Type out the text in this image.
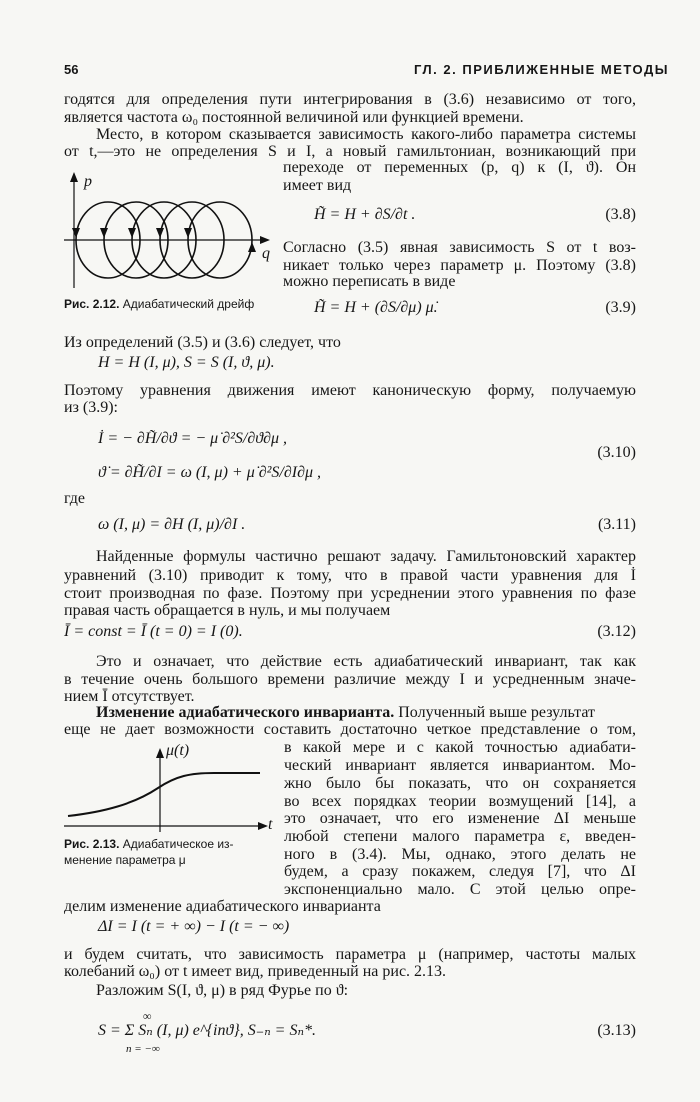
56	ГЛ. 2. ПРИБЛИЖЕННЫЕ МЕТОДЫ
годятся для определения пути интегрирования в (3.6) независимо от того,
является частота ω₀ постоянной величиной или функцией времени.
Место, в котором сказывается зависимость какого-либо параметра системы
от t,—это не определения S и I, а новый гамильтониан, возникающий при
переходе от переменных (p, q) к (I, ϑ). Он
имеет вид
p
q
Рис. 2.12. Адиабатический дрейф
H̃ = H + ∂S/∂t .	(3.8)
Согласно (3.5) явная зависимость S от t воз-
никает только через параметр μ. Поэтому (3.8)
можно переписать в виде
H̃ = H + (∂S/∂μ) μ̇.	(3.9)
Из определений (3.5) и (3.6) следует, что
H = H (I, μ), S = S (I, ϑ, μ).
Поэтому уравнения движения имеют каноническую форму, получаемую
из (3.9):
İ = − ∂H̃/∂ϑ = − μ̇ ∂²S/∂ϑ∂μ ,
ϑ̇ = ∂H̃/∂I = ω (I, μ) + μ̇ ∂²S/∂I∂μ ,
(3.10)
где
ω (I, μ) = ∂H (I, μ)/∂I .	(3.11)
Найденные формулы частично решают задачу. Гамильтоновский характер
уравнений (3.10) приводит к тому, что в правой части уравнения для İ
стоит производная по фазе. Поэтому при усреднении этого уравнения по фазе
правая часть обращается в нуль, и мы получаем
Ī = const = Ī (t = 0) = I (0).	(3.12)
Это и означает, что действие есть адиабатический инвариант, так как
в течение очень большого времени различие между I и усредненным значе-
нием Ī отсутствует.
Изменение адиабатического инварианта. Полученный выше результат
еще не дает возможности составить достаточно четкое представление о том,
μ(t)
t
Рис. 2.13. Адиабатическое из-
менение параметра μ
в какой мере и с какой точностью адиабати-
ческий инвариант является инвариантом. Мо-
жно было бы показать, что он сохраняется
во всех порядках теории возмущений [14], а
это означает, что его изменение ΔI меньше
любой степени малого параметра ε, введен-
ного в (3.4). Мы, однако, этого делать не
будем, а сразу покажем, следуя [7], что ΔI
экспоненциально мало. С этой целью опре-
делим изменение адиабатического инварианта
ΔI = I (t = + ∞) − I (t = − ∞)
и будем считать, что зависимость параметра μ (например, частоты малых
колебаний ω₀) от t имеет вид, приведенный на рис. 2.13.
Разложим S(I, ϑ, μ) в ряд Фурье по ϑ:
∞
S = Σ Sₙ (I, μ) e^{inϑ}, S₋ₙ = Sₙ*.
n = −∞
(3.13)
